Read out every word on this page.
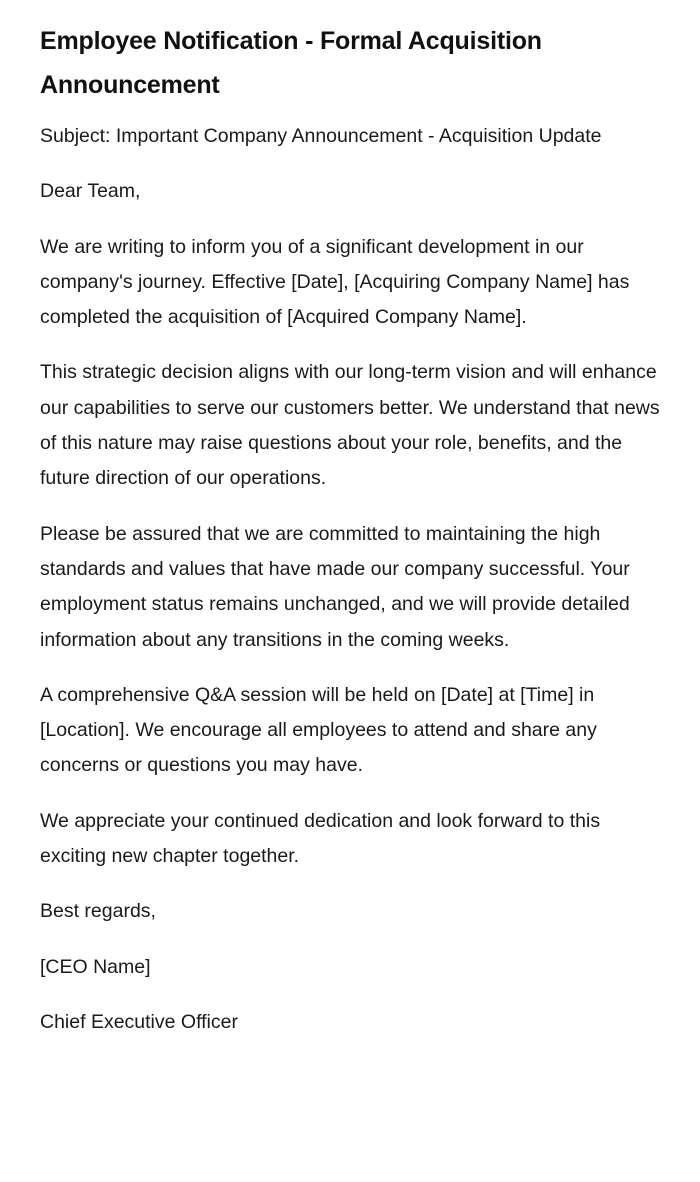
Employee Notification - Formal Acquisition Announcement

Subject: Important Company Announcement - Acquisition Update

Dear Team,

We are writing to inform you of a significant development in our company's journey. Effective [Date], [Acquiring Company Name] has completed the acquisition of [Acquired Company Name].

This strategic decision aligns with our long-term vision and will enhance our capabilities to serve our customers better. We understand that news of this nature may raise questions about your role, benefits, and the future direction of our operations.

Please be assured that we are committed to maintaining the high standards and values that have made our company successful. Your employment status remains unchanged, and we will provide detailed information about any transitions in the coming weeks.

A comprehensive Q&A session will be held on [Date] at [Time] in [Location]. We encourage all employees to attend and share any concerns or questions you may have.

We appreciate your continued dedication and look forward to this exciting new chapter together.

Best regards,

[CEO Name]

Chief Executive Officer
